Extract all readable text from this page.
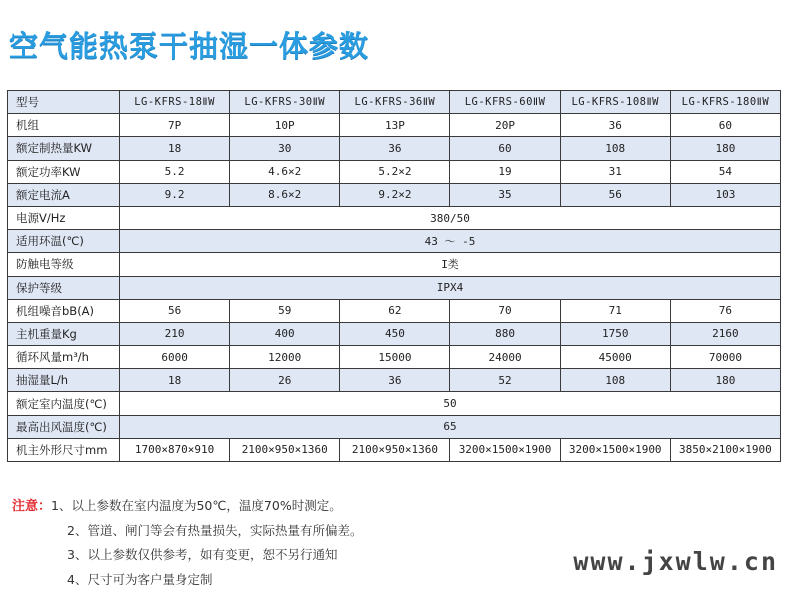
空气能热泵干抽湿一体参数
型号	LG-KFRS-18ⅡW	LG-KFRS-30ⅡW	LG-KFRS-36ⅡW	LG-KFRS-60ⅡW	LG-KFRS-108ⅡW	LG-KFRS-180ⅡW
机组	7P	10P	13P	20P	36	60
额定制热量KW	18	30	36	60	108	180
额定功率KW	5.2	4.6×2	5.2×2	19	31	54
额定电流A	9.2	8.6×2	9.2×2	35	56	103
电源V/Hz	380/50					
适用环温(℃)	43 ～ -5					
防触电等级	I类					
保护等级	IPX4					
机组噪音bB(A)	56	59	62	70	71	76
主机重量Kg	210	400	450	880	1750	2160
循环风量m³/h	6000	12000	15000	24000	45000	70000
抽湿量L/h	18	26	36	52	108	180
额定室内温度(℃)	50					
最高出风温度(℃)	65					
机主外形尺寸mm	1700×870×910	2100×950×1360	2100×950×1360	3200×1500×1900	3200×1500×1900	3850×2100×1900
注意：1、以上参数在室内温度为50℃，温度70%时测定。
2、管道、闸门等会有热量损失，实际热量有所偏差。
3、以上参数仅供参考，如有变更，恕不另行通知
4、尺寸可为客户量身定制
www.jxwlw.cn
